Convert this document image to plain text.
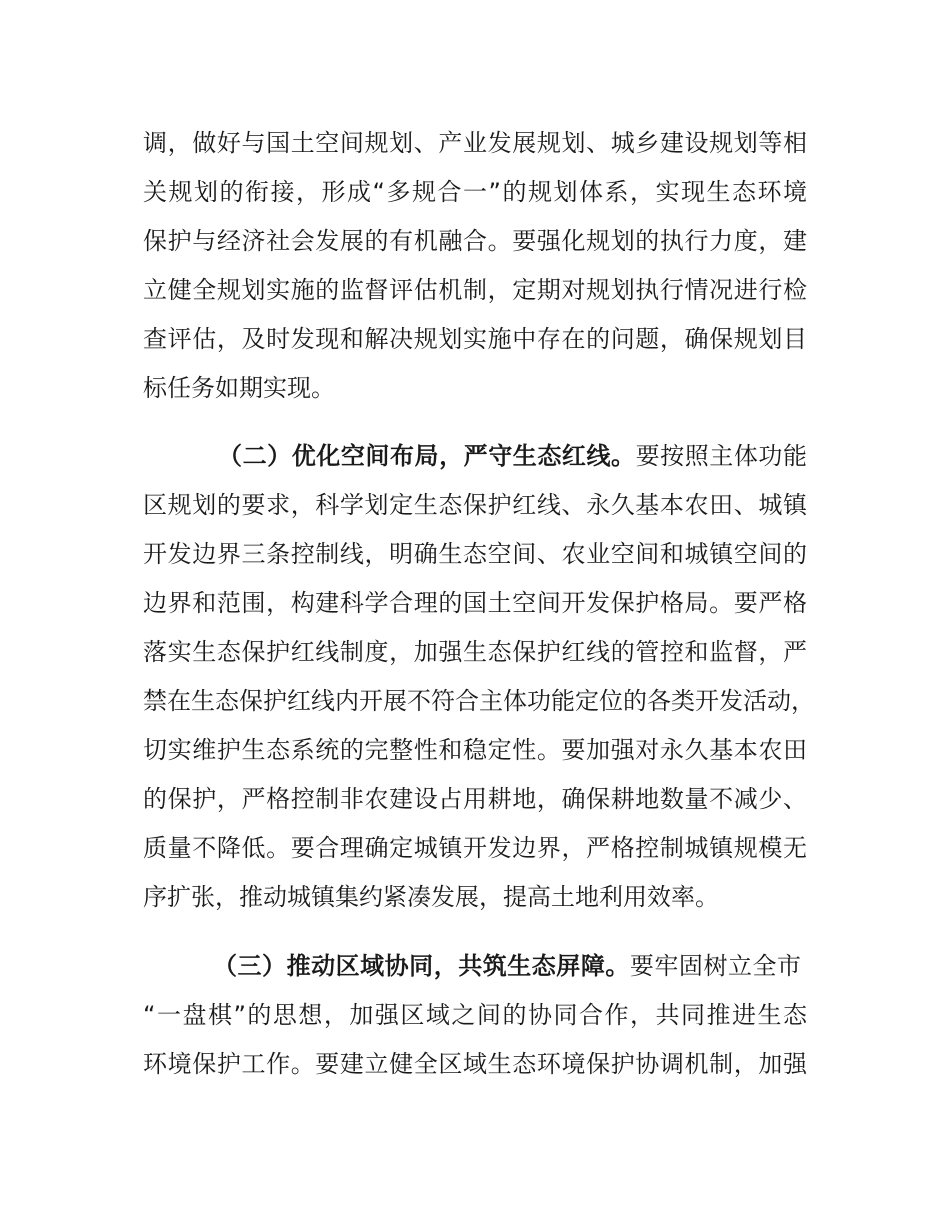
调，做好与国土空间规划、产业发展规划、城乡建设规划等相
关规划的衔接，形成“多规合一”的规划体系，实现生态环境
保护与经济社会发展的有机融合。要强化规划的执行力度，建
立健全规划实施的监督评估机制，定期对规划执行情况进行检
查评估，及时发现和解决规划实施中存在的问题，确保规划目
标任务如期实现。
（二）优化空间布局，严守生态红线。要按照主体功能
区规划的要求，科学划定生态保护红线、永久基本农田、城镇
开发边界三条控制线，明确生态空间、农业空间和城镇空间的
边界和范围，构建科学合理的国土空间开发保护格局。要严格
落实生态保护红线制度，加强生态保护红线的管控和监督，严
禁在生态保护红线内开展不符合主体功能定位的各类开发活动，
切实维护生态系统的完整性和稳定性。要加强对永久基本农田
的保护，严格控制非农建设占用耕地，确保耕地数量不减少、
质量不降低。要合理确定城镇开发边界，严格控制城镇规模无
序扩张，推动城镇集约紧凑发展，提高土地利用效率。
（三）推动区域协同，共筑生态屏障。要牢固树立全市
“一盘棋”的思想，加强区域之间的协同合作，共同推进生态
环境保护工作。要建立健全区域生态环境保护协调机制，加强
